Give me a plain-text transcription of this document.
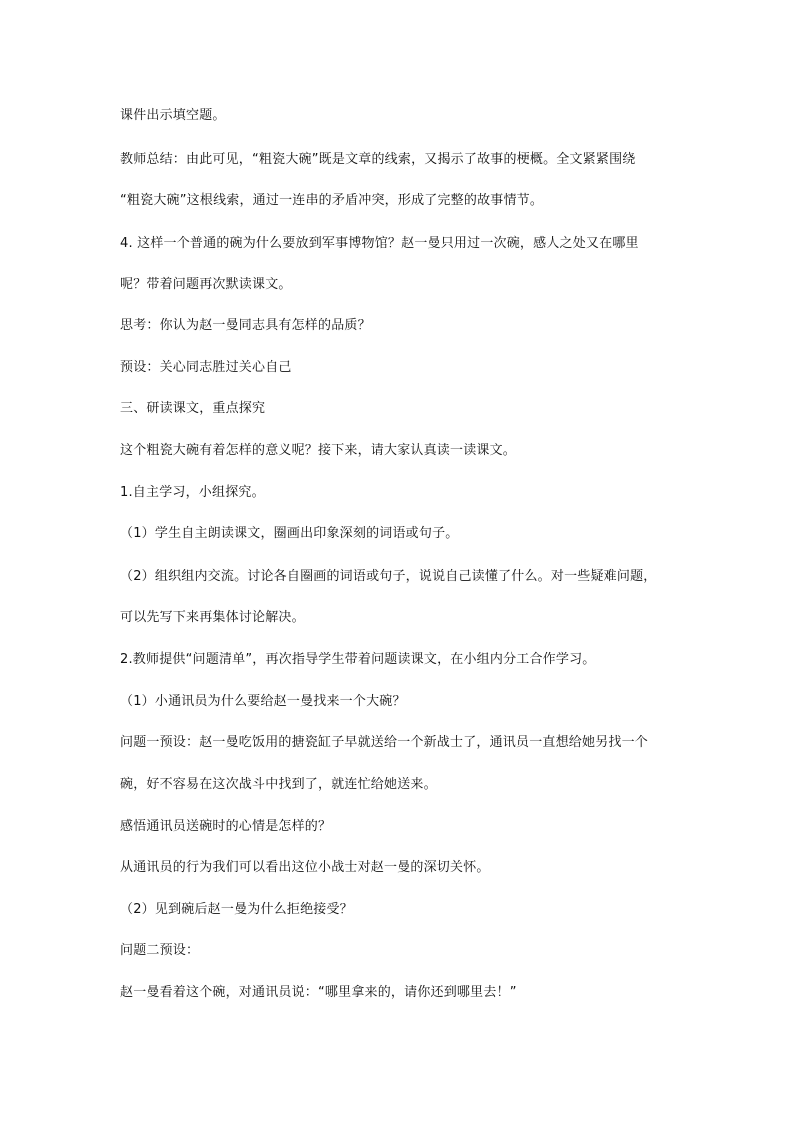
课件出示填空题。
教师总结：由此可见，“粗瓷大碗”既是文章的线索，又揭示了故事的梗概。全文紧紧围绕
“粗瓷大碗”这根线索，通过一连串的矛盾冲突，形成了完整的故事情节。
4. 这样一个普通的碗为什么要放到军事博物馆？赵一曼只用过一次碗，感人之处又在哪里
呢？带着问题再次默读课文。
思考：你认为赵一曼同志具有怎样的品质？
预设：关心同志胜过关心自己
三、研读课文，重点探究
这个粗瓷大碗有着怎样的意义呢？接下来，请大家认真读一读课文。
1.自主学习，小组探究。
（1）学生自主朗读课文，圈画出印象深刻的词语或句子。
（2）组织组内交流。讨论各自圈画的词语或句子，说说自己读懂了什么。对一些疑难问题，
可以先写下来再集体讨论解决。
2.教师提供“问题清单”，再次指导学生带着问题读课文，在小组内分工合作学习。
（1）小通讯员为什么要给赵一曼找来一个大碗？
问题一预设：赵一曼吃饭用的搪瓷缸子早就送给一个新战士了，通讯员一直想给她另找一个
碗，好不容易在这次战斗中找到了，就连忙给她送来。
感悟通讯员送碗时的心情是怎样的？
从通讯员的行为我们可以看出这位小战士对赵一曼的深切关怀。
（2）见到碗后赵一曼为什么拒绝接受？
问题二预设：
赵一曼看着这个碗，对通讯员说：“哪里拿来的，请你还到哪里去！”
